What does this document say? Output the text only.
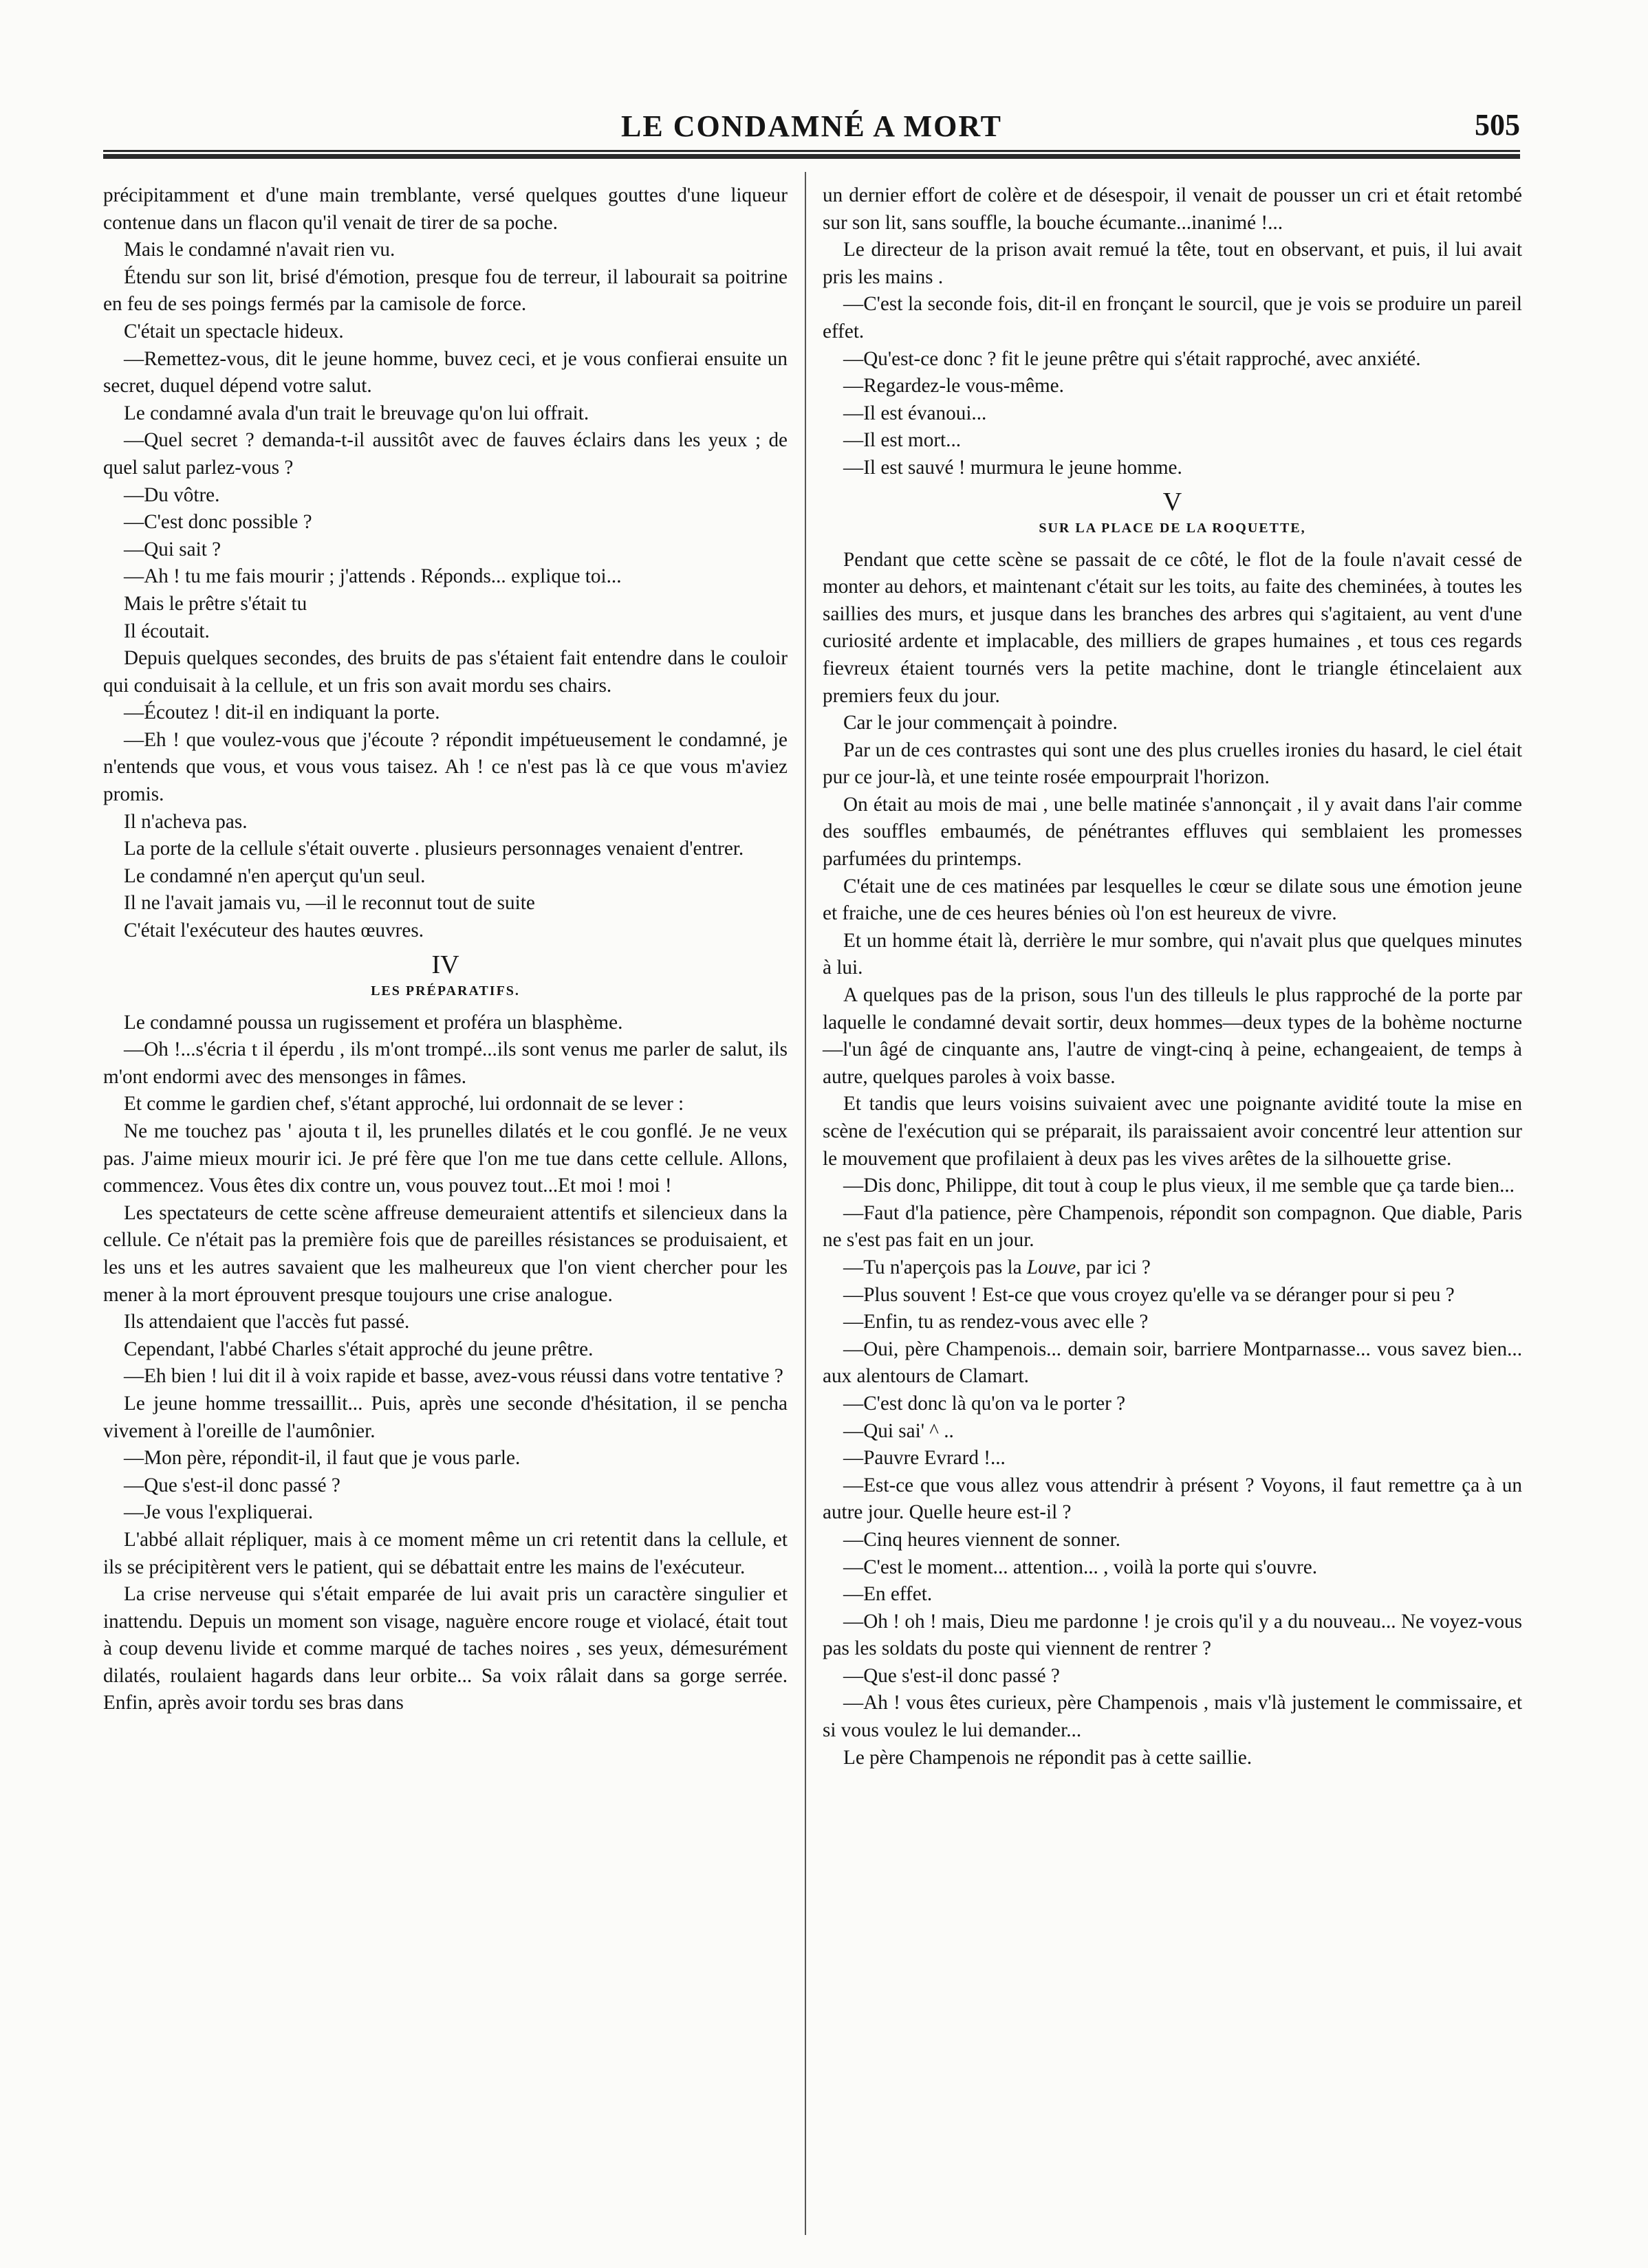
LE CONDAMNÉ A MORT	505

précipitamment et d'une main tremblante, versé quelques gouttes d'une liqueur contenue dans un flacon qu'il venait de tirer de sa poche.

Mais le condamné n'avait rien vu.

Étendu sur son lit, brisé d'émotion, presque fou de terreur, il labourait sa poitrine en feu de ses poings fermés par la camisole de force.

C'était un spectacle hideux.

—Remettez-vous, dit le jeune homme, buvez ceci, et je vous confierai ensuite un secret, duquel dépend votre salut.

Le condamné avala d'un trait le breuvage qu'on lui offrait.

—Quel secret ? demanda-t-il aussitôt avec de fauves éclairs dans les yeux ; de quel salut parlez-vous ?

—Du vôtre.

—C'est donc possible ?

—Qui sait ?

—Ah ! tu me fais mourir ; j'attends . Réponds... explique toi...

Mais le prêtre s'était tu

Il écoutait.

Depuis quelques secondes, des bruits de pas s'étaient fait entendre dans le couloir qui conduisait à la cellule, et un fris son avait mordu ses chairs.

—Écoutez ! dit-il en indiquant la porte.

—Eh ! que voulez-vous que j'écoute ? répondit impétueusement le condamné, je n'entends que vous, et vous vous taisez. Ah ! ce n'est pas là ce que vous m'aviez promis.

Il n'acheva pas.

La porte de la cellule s'était ouverte . plusieurs personnages venaient d'entrer.

Le condamné n'en aperçut qu'un seul.

Il ne l'avait jamais vu, —il le reconnut tout de suite

C'était l'exécuteur des hautes œuvres.

IV
LES PRÉPARATIFS.

Le condamné poussa un rugissement et proféra un blasphème.

—Oh !...s'écria t il éperdu , ils m'ont trompé...ils sont venus me parler de salut, ils m'ont endormi avec des mensonges in fâmes.

Et comme le gardien chef, s'étant approché, lui ordonnait de se lever :

Ne me touchez pas ' ajouta t il, les prunelles dilatés et le cou gonflé. Je ne veux pas. J'aime mieux mourir ici. Je pré fère que l'on me tue dans cette cellule. Allons, commencez. Vous êtes dix contre un, vous pouvez tout...Et moi ! moi !

Les spectateurs de cette scène affreuse demeuraient attentifs et silencieux dans la cellule. Ce n'était pas la première fois que de pareilles résistances se produisaient, et les uns et les autres savaient que les malheureux que l'on vient chercher pour les mener à la mort éprouvent presque toujours une crise analogue.

Ils attendaient que l'accès fut passé.

Cependant, l'abbé Charles s'était approché du jeune prêtre.

—Eh bien ! lui dit il à voix rapide et basse, avez-vous réussi dans votre tentative ?

Le jeune homme tressaillit... Puis, après une seconde d'hésitation, il se pencha vivement à l'oreille de l'aumônier.

—Mon père, répondit-il, il faut que je vous parle.

—Que s'est-il donc passé ?

—Je vous l'expliquerai.

L'abbé allait répliquer, mais à ce moment même un cri retentit dans la cellule, et ils se précipitèrent vers le patient, qui se débattait entre les mains de l'exécuteur.

La crise nerveuse qui s'était emparée de lui avait pris un caractère singulier et inattendu. Depuis un moment son visage, naguère encore rouge et violacé, était tout à coup devenu livide et comme marqué de taches noires , ses yeux, démesurément dilatés, roulaient hagards dans leur orbite... Sa voix râlait dans sa gorge serrée. Enfin, après avoir tordu ses bras dans

un dernier effort de colère et de désespoir, il venait de pousser un cri et était retombé sur son lit, sans souffle, la bouche écumante...inanimé !...

Le directeur de la prison avait remué la tête, tout en observant, et puis, il lui avait pris les mains .

—C'est la seconde fois, dit-il en fronçant le sourcil, que je vois se produire un pareil effet.

—Qu'est-ce donc ? fit le jeune prêtre qui s'était rapproché, avec anxiété.

—Regardez-le vous-même.

—Il est évanoui...

—Il est mort...

—Il est sauvé ! murmura le jeune homme.

V
SUR LA PLACE DE LA ROQUETTE,

Pendant que cette scène se passait de ce côté, le flot de la foule n'avait cessé de monter au dehors, et maintenant c'était sur les toits, au faite des cheminées, à toutes les saillies des murs, et jusque dans les branches des arbres qui s'agitaient, au vent d'une curiosité ardente et implacable, des milliers de grapes humaines , et tous ces regards fievreux étaient tournés vers la petite machine, dont le triangle étincelaient aux premiers feux du jour.

Car le jour commençait à poindre.

Par un de ces contrastes qui sont une des plus cruelles ironies du hasard, le ciel était pur ce jour-là, et une teinte rosée empourprait l'horizon.

On était au mois de mai , une belle matinée s'annonçait , il y avait dans l'air comme des souffles embaumés, de pénétrantes effluves qui semblaient les promesses parfumées du printemps.

C'était une de ces matinées par lesquelles le cœur se dilate sous une émotion jeune et fraiche, une de ces heures bénies où l'on est heureux de vivre.

Et un homme était là, derrière le mur sombre, qui n'avait plus que quelques minutes à lui.

A quelques pas de la prison, sous l'un des tilleuls le plus rapproché de la porte par laquelle le condamné devait sortir, deux hommes—deux types de la bohème nocturne—l'un âgé de cinquante ans, l'autre de vingt-cinq à peine, echangeaient, de temps à autre, quelques paroles à voix basse.

Et tandis que leurs voisins suivaient avec une poignante avidité toute la mise en scène de l'exécution qui se préparait, ils paraissaient avoir concentré leur attention sur le mouvement que profilaient à deux pas les vives arêtes de la silhouette grise.

—Dis donc, Philippe, dit tout à coup le plus vieux, il me semble que ça tarde bien...

—Faut d'la patience, père Champenois, répondit son compagnon. Que diable, Paris ne s'est pas fait en un jour.

—Tu n'aperçois pas la Louve, par ici ?

—Plus souvent ! Est-ce que vous croyez qu'elle va se déranger pour si peu ?

—Enfin, tu as rendez-vous avec elle ?

—Oui, père Champenois... demain soir, barriere Montparnasse... vous savez bien... aux alentours de Clamart.

—C'est donc là qu'on va le porter ?

—Qui sai' ^ ..

—Pauvre Evrard !...

—Est-ce que vous allez vous attendrir à présent ? Voyons, il faut remettre ça à un autre jour. Quelle heure est-il ?

—Cinq heures viennent de sonner.

—C'est le moment... attention... , voilà la porte qui s'ouvre.

—En effet.

—Oh ! oh ! mais, Dieu me pardonne ! je crois qu'il y a du nouveau... Ne voyez-vous pas les soldats du poste qui viennent de rentrer ?

—Que s'est-il donc passé ?

—Ah ! vous êtes curieux, père Champenois , mais v'là justement le commissaire, et si vous voulez le lui demander...

Le père Champenois ne répondit pas à cette saillie.
